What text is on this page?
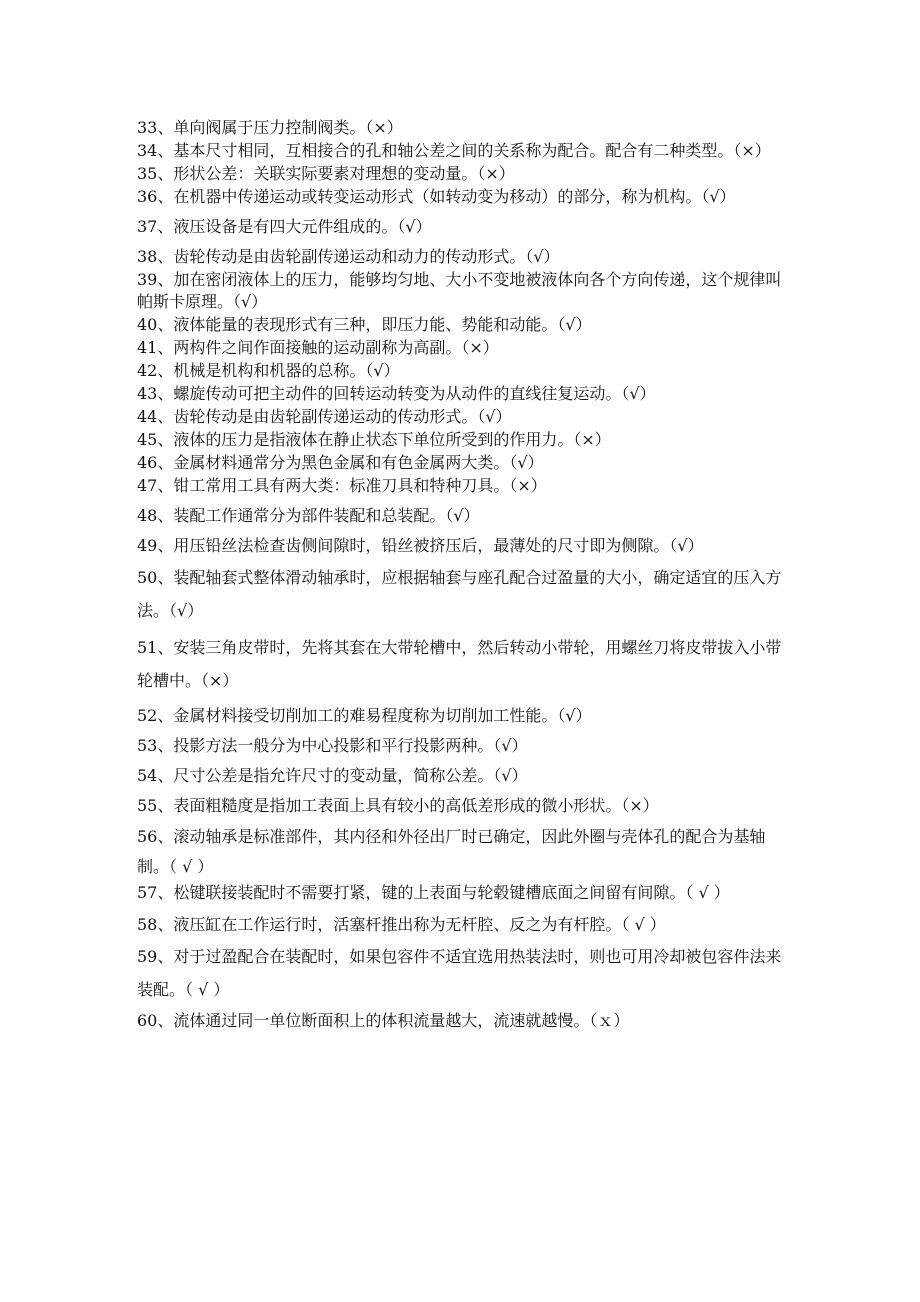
33、单向阀属于压力控制阀类。（×）

34、基本尺寸相同，互相接合的孔和轴公差之间的关系称为配合。配合有二种类型。（×）

35、形状公差：关联实际要素对理想的变动量。（×）

36、在机器中传递运动或转变运动形式（如转动变为移动）的部分，称为机构。（√）

37、液压设备是有四大元件组成的。（√）

38、齿轮传动是由齿轮副传递运动和动力的传动形式。（√）

39、加在密闭液体上的压力，能够均匀地、大小不变地被液体向各个方向传递，这个规律叫帕斯卡原理。（√）

40、液体能量的表现形式有三种，即压力能、势能和动能。（√）

41、两构件之间作面接触的运动副称为高副。（×）

42、机械是机构和机器的总称。（√）

43、螺旋传动可把主动件的回转运动转变为从动件的直线往复运动。（√）

44、齿轮传动是由齿轮副传递运动的传动形式。（√）

45、液体的压力是指液体在静止状态下单位所受到的作用力。（×）

46、金属材料通常分为黑色金属和有色金属两大类。（√）

47、钳工常用工具有两大类：标准刀具和特种刀具。（×）

48、装配工作通常分为部件装配和总装配。（√）

49、用压铅丝法检查齿侧间隙时，铅丝被挤压后，最薄处的尺寸即为侧隙。（√）

50、装配轴套式整体滑动轴承时，应根据轴套与座孔配合过盈量的大小，确定适宜的压入方法。（√）

51、安装三角皮带时，先将其套在大带轮槽中，然后转动小带轮，用螺丝刀将皮带拔入小带轮槽中。（×）

52、金属材料接受切削加工的难易程度称为切削加工性能。（√）

53、投影方法一般分为中心投影和平行投影两种。（√）

54、尺寸公差是指允许尺寸的变动量，简称公差。（√）

55、表面粗糙度是指加工表面上具有较小的高低差形成的微小形状。（×）

56、滚动轴承是标准部件，其内径和外径出厂时已确定，因此外圈与壳体孔的配合为基轴制。（ √ ）

57、松键联接装配时不需要打紧，键的上表面与轮毂键槽底面之间留有间隙。（ √ ）

58、液压缸在工作运行时，活塞杆推出称为无杆腔、反之为有杆腔。（ √ ）

59、对于过盈配合在装配时，如果包容件不适宜选用热装法时，则也可用冷却被包容件法来装配。（ √ ）

60、流体通过同一单位断面积上的体积流量越大，流速就越慢。（ｘ）
